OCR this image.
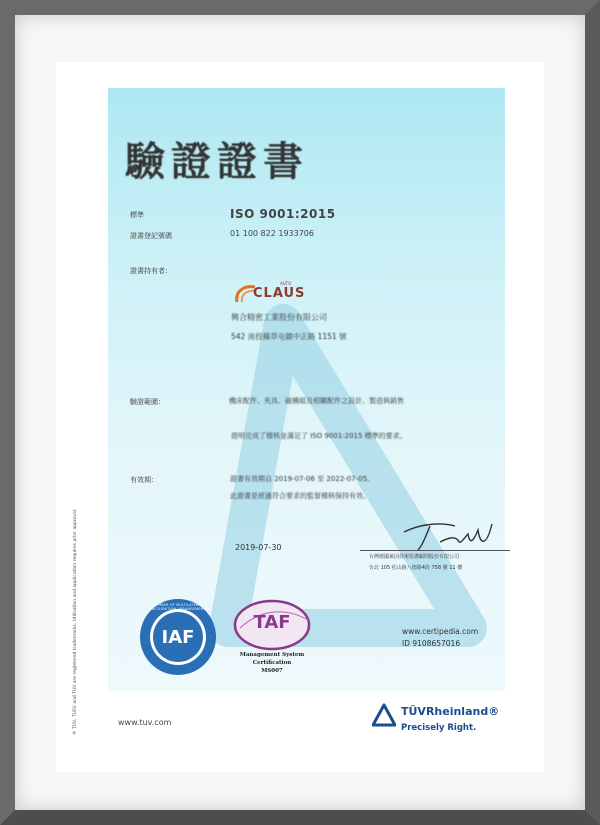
驗證證書
標準	ISO 9001:2015
證書登記號碼	01 100 822 1933706
證書持有者：
CLAUS
AUTO
興合精密工業股份有限公司
542 南投縣草屯鎮中正路 1151 號
驗證範圍：	機床配件、夾具、磁構組及相關配件之設計、製造與銷售
證明完成了稽核並滿足了 ISO 9001:2015 標準的要求。
有效期：	證書有效期自 2019-07-06 至 2022-07-05。
此證書是經過符合要求的監督稽核保持有效。
2019-07-30
台灣德國萊因技術監護顧問股份有限公司
台北 105 松山路八德路4段 758 號 11 樓
IAF
MEMBER OF MULTILATERAL RECOGNITION ARRANGEMENT
TAF
Management System
Certification
MS007
www.certipedia.com
ID 9108657016
www.tuv.com
TÜVRheinland®
Precisely Right.
® TÜV, TUEV and TUV are registered trademarks. Utilisation and application requires prior approval.
